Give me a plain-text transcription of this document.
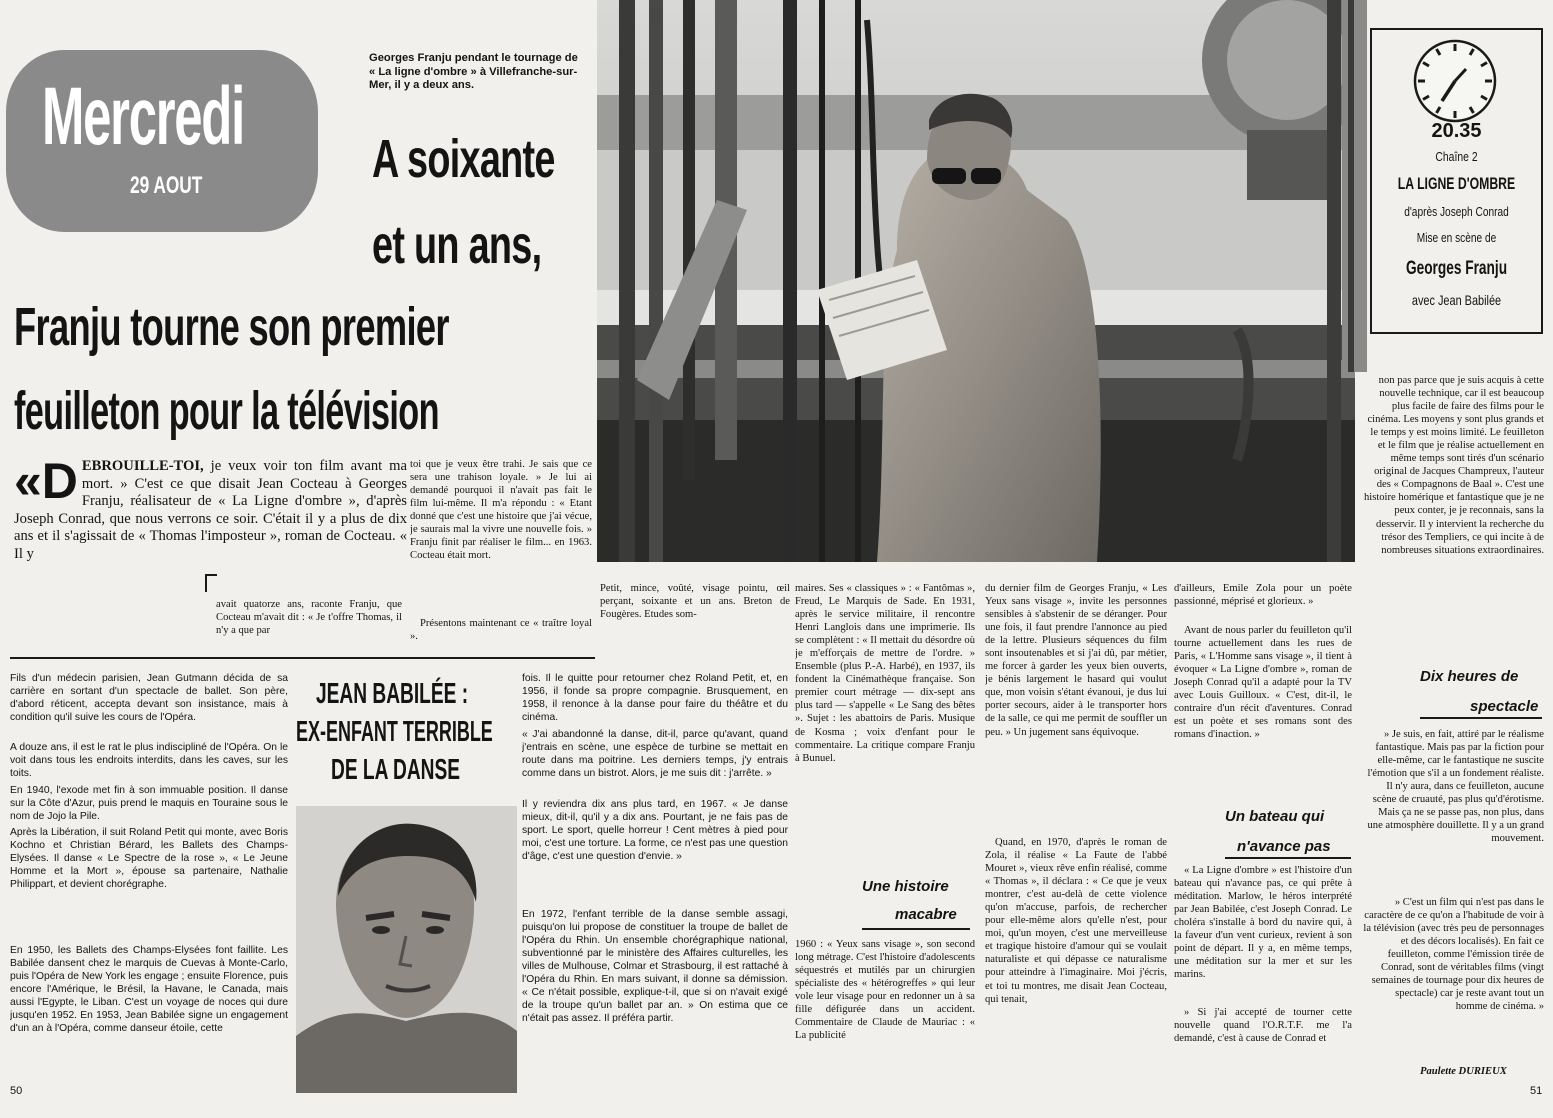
Mercredi
29 AOUT
Georges Franju pendant le tournage de « La ligne d'ombre » à Villefranche-sur-Mer, il y a deux ans.
A soixante
et un ans,
Franju tourne son premier
feuilleton pour la télévision
20.35
Chaîne 2
LA LIGNE D'OMBRE
d'après Joseph Conrad
Mise en scène de
Georges Franju
avec Jean Babilée
«D EBROUILLE-TOI, je veux voir ton film avant ma mort. » C'est ce que disait Jean Cocteau à Georges Franju, réalisateur de « La Ligne d'ombre », d'après Joseph Conrad, que nous verrons ce soir. C'était il y a plus de dix ans et il s'agissait de « Thomas l'imposteur », roman de Cocteau. « Il y
avait quatorze ans, raconte Franju, que Cocteau m'avait dit : « Je t'offre Thomas, il n'y a que par
toi que je veux être trahi. Je sais que ce sera une trahison loyale. » Je lui ai demandé pourquoi il n'avait pas fait le film lui-même. Il m'a répondu : « Etant donné que c'est une histoire que j'ai vécue, je saurais mal la vivre une nouvelle fois. » Franju finit par réaliser le film... en 1963. Cocteau était mort.
Présentons maintenant ce « traître loyal ».
Petit, mince, voûté, visage pointu, œil perçant, soixante et un ans. Breton de Fougères. Etudes som-
maires. Ses « classiques » : « Fantômas », Freud, Le Marquis de Sade. En 1931, après le service militaire, il rencontre Henri Langlois dans une imprimerie. Ils se complètent : « Il mettait du désordre où je m'efforçais de mettre de l'ordre. » Ensemble (plus P.-A. Harbé), en 1937, ils fondent la Cinémathèque française. Son premier court métrage — dix-sept ans plus tard — s'appelle « Le Sang des bêtes ». Sujet : les abattoirs de Paris. Musique de Kosma ; voix d'enfant pour le commentaire. La critique compare Franju à Bunuel.
Une histoire
macabre
1960 : « Yeux sans visage », son second long métrage. C'est l'histoire d'adolescents séquestrés et mutilés par un chirurgien spécialiste des « hétérogreffes » qui leur vole leur visage pour en redonner un à sa fille défigurée dans un accident. Commentaire de Claude de Mauriac : « La publicité
du dernier film de Georges Franju, « Les Yeux sans visage », invite les personnes sensibles à s'abstenir de se déranger. Pour une fois, il faut prendre l'annonce au pied de la lettre. Plusieurs séquences du film sont insoutenables et si j'ai dû, par métier, me forcer à garder les yeux bien ouverts, je bénis largement le hasard qui voulut que, mon voisin s'étant évanoui, je dus lui porter secours, aider à le transporter hors de la salle, ce qui me permit de souffler un peu. » Un jugement sans équivoque.
Quand, en 1970, d'après le roman de Zola, il réalise « La Faute de l'abbé Mouret », vieux rêve enfin réalisé, comme « Thomas », il déclara : « Ce que je veux montrer, c'est au-delà de cette violence qu'on m'accuse, parfois, de rechercher pour elle-même alors qu'elle n'est, pour moi, qu'un moyen, c'est une merveilleuse et tragique histoire d'amour qui se voulait naturaliste et qui dépasse ce naturalisme pour atteindre à l'imaginaire. Moi j'écris, et toi tu montres, me disait Jean Cocteau, qui tenait,
d'ailleurs, Emile Zola pour un poète passionné, méprisé et glorieux. »
Avant de nous parler du feuilleton qu'il tourne actuellement dans les rues de Paris, « L'Homme sans visage », il tient à évoquer « La Ligne d'ombre », roman de Joseph Conrad qu'il a adapté pour la TV avec Louis Guilloux. « C'est, dit-il, le contraire d'un récit d'aventures. Conrad est un poète et ses romans sont des romans d'inaction. »
Un bateau qui
n'avance pas
« La Ligne d'ombre » est l'histoire d'un bateau qui n'avance pas, ce qui prête à méditation. Marlow, le héros interprété par Jean Babilée, c'est Joseph Conrad. Le choléra s'installe à bord du navire qui, à la faveur d'un vent curieux, revient à son point de départ. Il y a, en même temps, une méditation sur la mer et sur les marins.
» Si j'ai accepté de tourner cette nouvelle quand l'O.R.T.F. me l'a demandé, c'est à cause de Conrad et
non pas parce que je suis acquis à cette nouvelle technique, car il est beaucoup plus facile de faire des films pour le cinéma. Les moyens y sont plus grands et le temps y est moins limité. Le feuilleton et le film que je réalise actuellement en même temps sont tirés d'un scénario original de Jacques Champreux, l'auteur des « Compagnons de Baal ». C'est une histoire homérique et fantastique que je ne peux conter, je je reconnais, sans la desservir. Il y intervient la recherche du trésor des Templiers, ce qui incite à de nombreuses situations extraordinaires.
Dix heures de
spectacle
» Je suis, en fait, attiré par le réalisme fantastique. Mais pas par la fiction pour elle-même, car le fantastique ne suscite l'émotion que s'il a un fondement réaliste. Il n'y aura, dans ce feuilleton, aucune scène de cruauté, pas plus qu'd'érotisme. Mais ça ne se passe pas, non plus, dans une atmosphère douillette. Il y a un grand mouvement.
» C'est un film qui n'est pas dans le caractère de ce qu'on a l'habitude de voir à la télévision (avec très peu de personnages et des décors localisés). En fait ce feuilleton, comme l'émission tirée de Conrad, sont de véritables films (vingt semaines de tournage pour dix heures de spectacle) car je reste avant tout un homme de cinéma. »
Paulette DURIEUX
Fils d'un médecin parisien, Jean Gutmann décida de sa carrière en sortant d'un spectacle de ballet. Son père, d'abord réticent, accepta devant son insistance, mais à condition qu'il suive les cours de l'Opéra.
A douze ans, il est le rat le plus indiscipliné de l'Opéra. On le voit dans tous les endroits interdits, dans les caves, sur les toits.
En 1940, l'exode met fin à son immuable position. Il danse sur la Côte d'Azur, puis prend le maquis en Touraine sous le nom de Jojo la Pile.
Après la Libération, il suit Roland Petit qui monte, avec Boris Kochno et Christian Bérard, les Ballets des Champs-Elysées. Il danse « Le Spectre de la rose », « Le Jeune Homme et la Mort », épouse sa partenaire, Nathalie Philippart, et devient chorégraphe.
En 1950, les Ballets des Champs-Elysées font faillite. Les Babilée dansent chez le marquis de Cuevas à Monte-Carlo, puis l'Opéra de New York les engage ; ensuite Florence, puis encore l'Amérique, le Brésil, la Havane, le Canada, mais aussi l'Egypte, le Liban. C'est un voyage de noces qui dure jusqu'en 1952. En 1953, Jean Babilée signe un engagement d'un an à l'Opéra, comme danseur étoile, cette
JEAN BABILÉE :
EX-ENFANT TERRIBLE
DE LA DANSE
fois. Il le quitte pour retourner chez Roland Petit, et, en 1956, il fonde sa propre compagnie. Brusquement, en 1958, il renonce à la danse pour faire du théâtre et du cinéma.
« J'ai abandonné la danse, dit-il, parce qu'avant, quand j'entrais en scène, une espèce de turbine se mettait en route dans ma poitrine. Les derniers temps, j'y entrais comme dans un bistrot. Alors, je me suis dit : j'arrête. »
Il y reviendra dix ans plus tard, en 1967. « Je danse mieux, dit-il, qu'il y a dix ans. Pourtant, je ne fais pas de sport. Le sport, quelle horreur ! Cent mètres à pied pour moi, c'est une torture. La forme, ce n'est pas une question d'âge, c'est une question d'envie. »
En 1972, l'enfant terrible de la danse semble assagi, puisqu'on lui propose de constituer la troupe de ballet de l'Opéra du Rhin. Un ensemble chorégraphique national, subventionné par le ministère des Affaires culturelles, les villes de Mulhouse, Colmar et Strasbourg, il est rattaché à l'Opéra du Rhin. En mars suivant, il donne sa démission. « Ce n'était possible, explique-t-il, que si on n'avait exigé de la troupe qu'un ballet par an. » On estima que ce n'était pas assez. Il préféra partir.
50	51
